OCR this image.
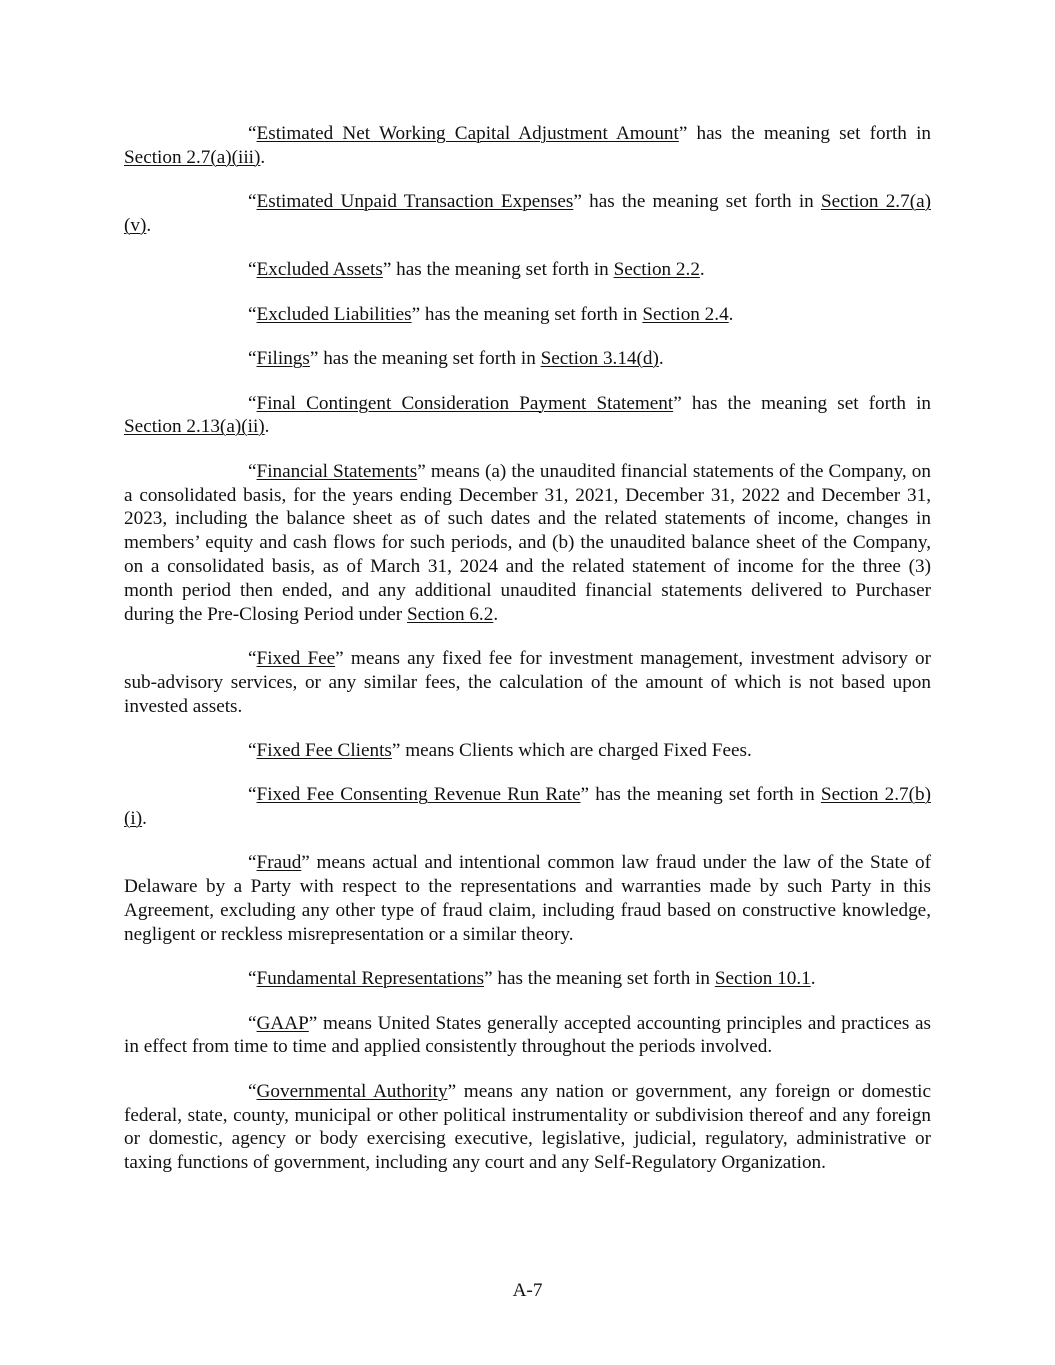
“Estimated Net Working Capital Adjustment Amount” has the meaning set forth in Section 2.7(a)(iii).

“Estimated Unpaid Transaction Expenses” has the meaning set forth in Section 2.7(a)(v).

“Excluded Assets” has the meaning set forth in Section 2.2.

“Excluded Liabilities” has the meaning set forth in Section 2.4.

“Filings” has the meaning set forth in Section 3.14(d).

“Final Contingent Consideration Payment Statement” has the meaning set forth in Section 2.13(a)(ii).

“Financial Statements” means (a) the unaudited financial statements of the Company, on a consolidated basis, for the years ending December 31, 2021, December 31, 2022 and December 31, 2023, including the balance sheet as of such dates and the related statements of income, changes in members’ equity and cash flows for such periods, and (b) the unaudited balance sheet of the Company, on a consolidated basis, as of March 31, 2024 and the related statement of income for the three (3) month period then ended, and any additional unaudited financial statements delivered to Purchaser during the Pre-Closing Period under Section 6.2.

“Fixed Fee” means any fixed fee for investment management, investment advisory or sub-advisory services, or any similar fees, the calculation of the amount of which is not based upon invested assets.

“Fixed Fee Clients” means Clients which are charged Fixed Fees.

“Fixed Fee Consenting Revenue Run Rate” has the meaning set forth in Section 2.7(b)(i).

“Fraud” means actual and intentional common law fraud under the law of the State of Delaware by a Party with respect to the representations and warranties made by such Party in this Agreement, excluding any other type of fraud claim, including fraud based on constructive knowledge, negligent or reckless misrepresentation or a similar theory.

“Fundamental Representations” has the meaning set forth in Section 10.1.

“GAAP” means United States generally accepted accounting principles and practices as in effect from time to time and applied consistently throughout the periods involved.

“Governmental Authority” means any nation or government, any foreign or domestic federal, state, county, municipal or other political instrumentality or subdivision thereof and any foreign or domestic, agency or body exercising executive, legislative, judicial, regulatory, administrative or taxing functions of government, including any court and any Self-Regulatory Organization.

A-7
